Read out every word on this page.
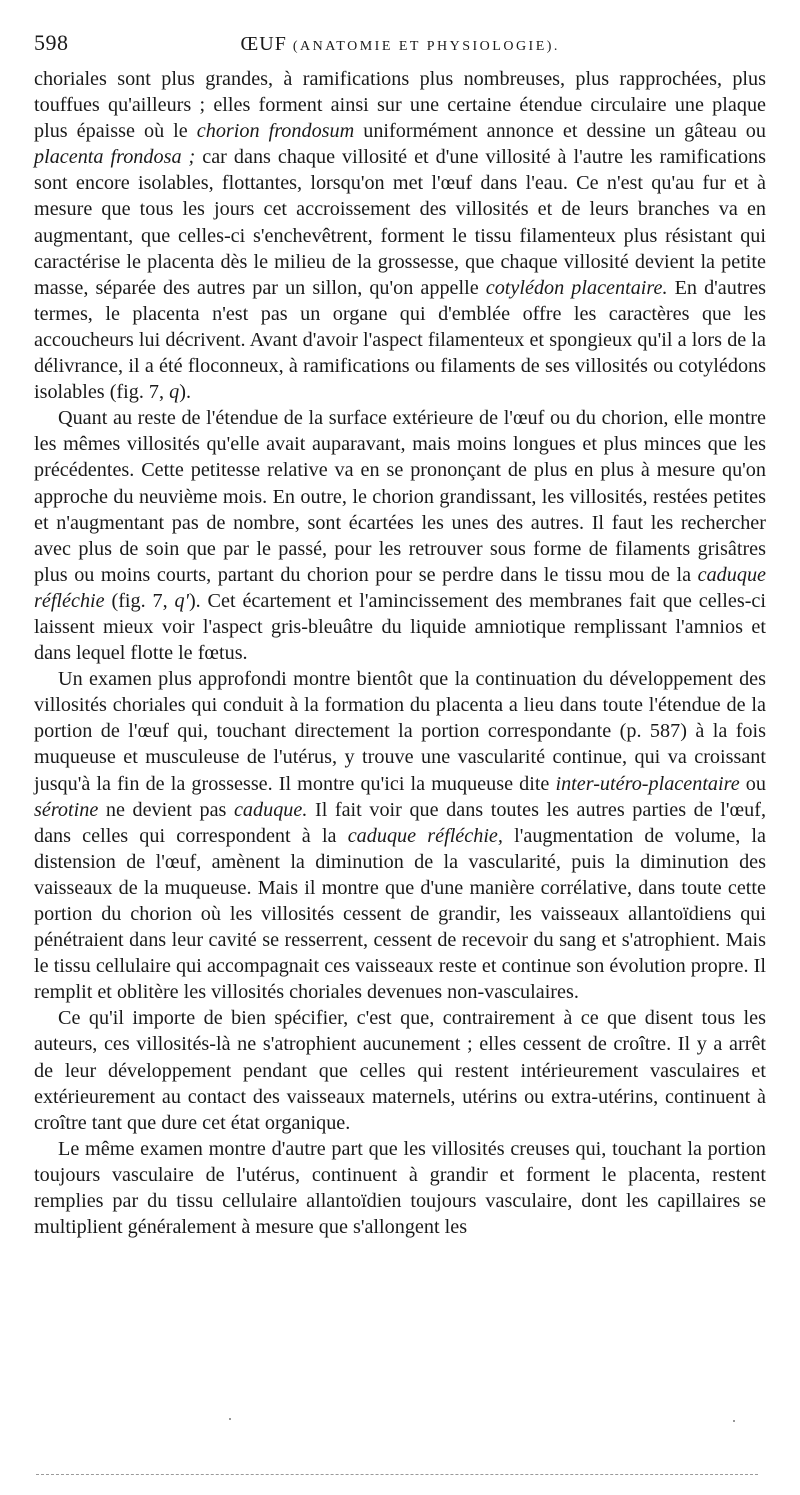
598	ŒUF (ANATOMIE ET PHYSIOLOGIE).

choriales sont plus grandes, à ramifications plus nombreuses, plus rapprochées, plus touffues qu'ailleurs ; elles forment ainsi sur une certaine étendue circulaire une plaque plus épaisse où le chorion frondosum uniformément annonce et dessine un gâteau ou placenta frondosa ; car dans chaque villosité et d'une villosité à l'autre les ramifications sont encore isolables, flottantes, lorsqu'on met l'œuf dans l'eau. Ce n'est qu'au fur et à mesure que tous les jours cet accroissement des villosités et de leurs branches va en augmentant, que celles-ci s'enchevêtrent, forment le tissu filamenteux plus résistant qui caractérise le placenta dès le milieu de la grossesse, que chaque villosité devient la petite masse, séparée des autres par un sillon, qu'on appelle cotylédon placentaire. En d'autres termes, le placenta n'est pas un organe qui d'emblée offre les caractères que les accoucheurs lui décrivent. Avant d'avoir l'aspect filamenteux et spongieux qu'il a lors de la délivrance, il a été floconneux, à ramifications ou filaments de ses villosités ou cotylédons isolables (fig. 7, q).

Quant au reste de l'étendue de la surface extérieure de l'œuf ou du chorion, elle montre les mêmes villosités qu'elle avait auparavant, mais moins longues et plus minces que les précédentes. Cette petitesse relative va en se prononçant de plus en plus à mesure qu'on approche du neuvième mois. En outre, le chorion grandissant, les villosités, restées petites et n'augmentant pas de nombre, sont écartées les unes des autres. Il faut les rechercher avec plus de soin que par le passé, pour les retrouver sous forme de filaments grisâtres plus ou moins courts, partant du chorion pour se perdre dans le tissu mou de la caduque réfléchie (fig. 7, q'). Cet écartement et l'amincissement des membranes fait que celles-ci laissent mieux voir l'aspect gris-bleuâtre du liquide amniotique remplissant l'amnios et dans lequel flotte le fœtus.

Un examen plus approfondi montre bientôt que la continuation du développement des villosités choriales qui conduit à la formation du placenta a lieu dans toute l'étendue de la portion de l'œuf qui, touchant directement la portion correspondante (p. 587) à la fois muqueuse et musculeuse de l'utérus, y trouve une vascularité continue, qui va croissant jusqu'à la fin de la grossesse. Il montre qu'ici la muqueuse dite inter-utéro-placentaire ou sérotine ne devient pas caduque. Il fait voir que dans toutes les autres parties de l'œuf, dans celles qui correspondent à la caduque réfléchie, l'augmentation de volume, la distension de l'œuf, amènent la diminution de la vascularité, puis la diminution des vaisseaux de la muqueuse. Mais il montre que d'une manière corrélative, dans toute cette portion du chorion où les villosités cessent de grandir, les vaisseaux allantoïdiens qui pénétraient dans leur cavité se resserrent, cessent de recevoir du sang et s'atrophient. Mais le tissu cellulaire qui accompagnait ces vaisseaux reste et continue son évolution propre. Il remplit et oblitère les villosités choriales devenues non-vasculaires.

Ce qu'il importe de bien spécifier, c'est que, contrairement à ce que disent tous les auteurs, ces villosités-là ne s'atrophient aucunement ; elles cessent de croître. Il y a arrêt de leur développement pendant que celles qui restent intérieurement vasculaires et extérieurement au contact des vaisseaux maternels, utérins ou extra-utérins, continuent à croître tant que dure cet état organique.

Le même examen montre d'autre part que les villosités creuses qui, touchant la portion toujours vasculaire de l'utérus, continuent à grandir et forment le placenta, restent remplies par du tissu cellulaire allantoïdien toujours vasculaire, dont les capillaires se multiplient généralement à mesure que s'allongent les
